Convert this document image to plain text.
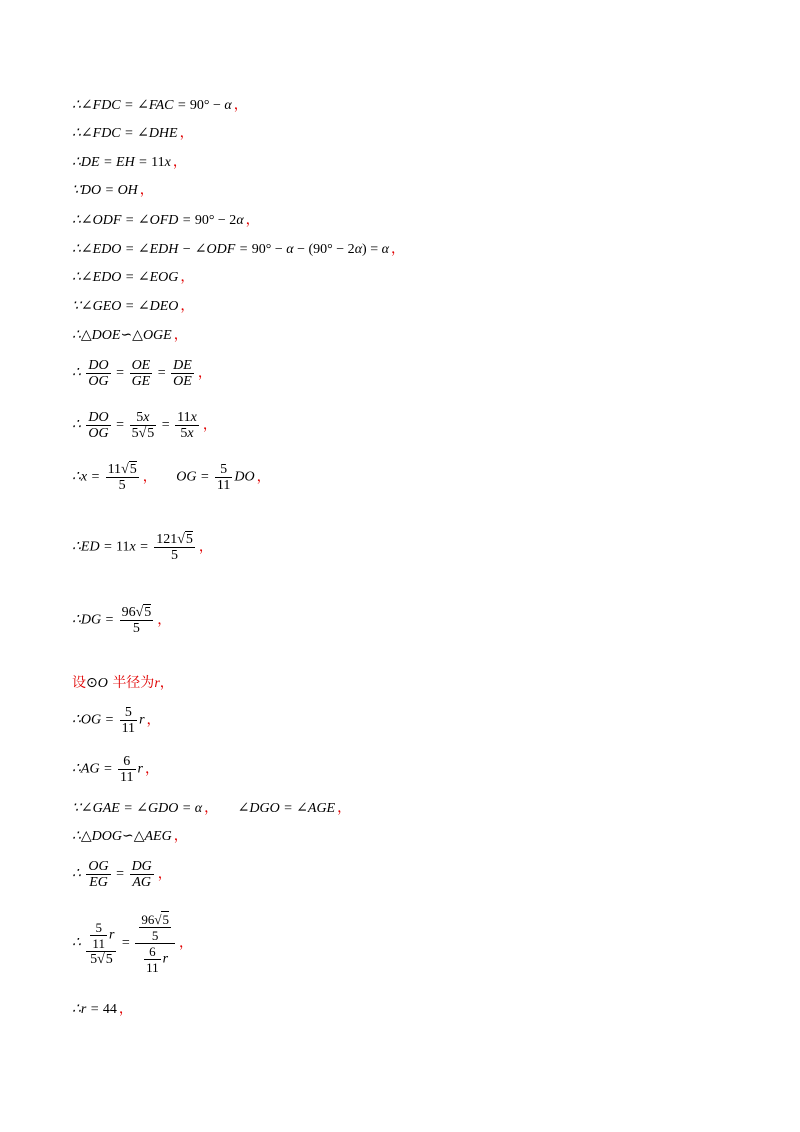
∴∠FDC = ∠FAC = 90° − α ，
∴∠FDC = ∠DHE ，
∴DE = EH = 11x ，
∵DO = OH ，
∴∠ODF = ∠OFD = 90° − 2α ，
∴∠EDO = ∠EDH − ∠ODF = 90° − α − (90° − 2α) = α ，
∴∠EDO = ∠EOG ，
∵∠GEO = ∠DEO ，
∴△DOE∽△OGE ，
∴ $\frac{DO}{OG} = \frac{OE}{GE} = \frac{DE}{OE}$ ，
∴ $\frac{DO}{OG} = \frac{5x}{5√5} = \frac{11x}{5x}$ ，
∴x = $\frac{11√5}{5}$ ， OG = $\frac{5}{11}$ DO ，
∴ED = $11x = \frac{121√5}{5}$ ，
∴DG = $\frac{96√5}{5}$ ，
设⊙O 半径为r，
∴OG = $\frac{5}{11}$ r ，
∴AG = $\frac{6}{11}$ r ，
∵∠GAE = ∠GDO = α ， ∠DGO = ∠AGE ，
∴△DOG∽△AEG ，
∴ $\frac{OG}{EG} = \frac{DG}{AG}$ ，
∴ $\frac{\frac{5}{11} r}{5√5} = \frac{\frac{96√5}{5}}{\frac{6}{11} r}$ ，
∴r = 44 ，
